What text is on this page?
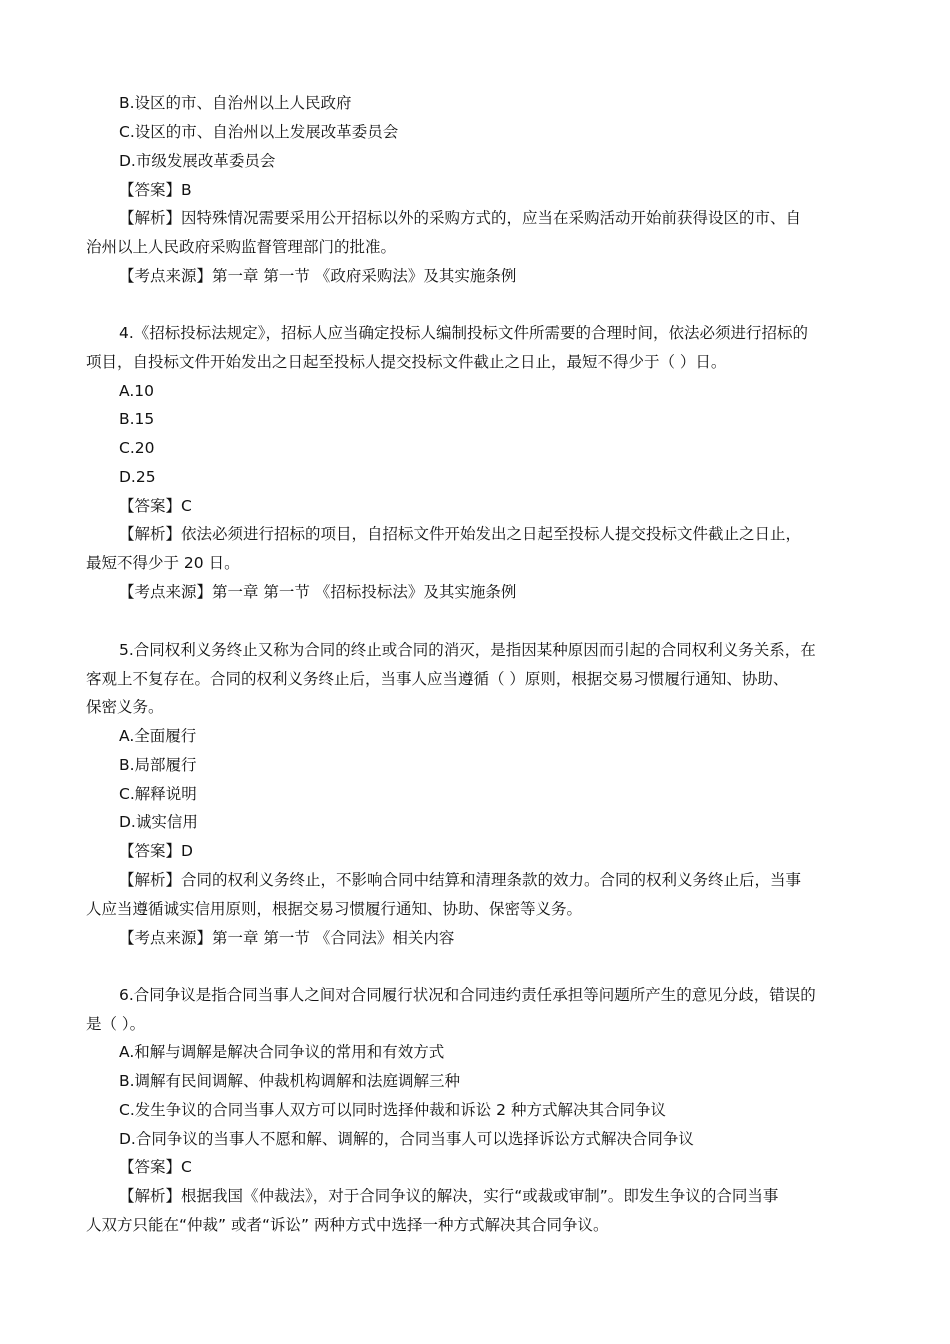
B.设区的市、自治州以上人民政府
C.设区的市、自治州以上发展改革委员会
D.市级发展改革委员会
【答案】B
【解析】因特殊情况需要采用公开招标以外的采购方式的，应当在采购活动开始前获得设区的市、自
治州以上人民政府采购监督管理部门的批准。
【考点来源】第一章 第一节 《政府采购法》及其实施条例
4.《招标投标法规定》，招标人应当确定投标人编制投标文件所需要的合理时间，依法必须进行招标的
项目，自投标文件开始发出之日起至投标人提交投标文件截止之日止，最短不得少于（ ）日。
A.10
B.15
C.20
D.25
【答案】C
【解析】依法必须进行招标的项目，自招标文件开始发出之日起至投标人提交投标文件截止之日止，
最短不得少于 20 日。
【考点来源】第一章 第一节 《招标投标法》及其实施条例
5.合同权利义务终止又称为合同的终止或合同的消灭，是指因某种原因而引起的合同权利义务关系，在
客观上不复存在。合同的权利义务终止后，当事人应当遵循（ ）原则，根据交易习惯履行通知、协助、
保密义务。
A.全面履行
B.局部履行
C.解释说明
D.诚实信用
【答案】D
【解析】合同的权利义务终止，不影响合同中结算和清理条款的效力。合同的权利义务终止后，当事
人应当遵循诚实信用原则，根据交易习惯履行通知、协助、保密等义务。
【考点来源】第一章 第一节 《合同法》相关内容
6.合同争议是指合同当事人之间对合同履行状况和合同违约责任承担等问题所产生的意见分歧，错误的
是（ ）。
A.和解与调解是解决合同争议的常用和有效方式
B.调解有民间调解、仲裁机构调解和法庭调解三种
C.发生争议的合同当事人双方可以同时选择仲裁和诉讼 2 种方式解决其合同争议
D.合同争议的当事人不愿和解、调解的，合同当事人可以选择诉讼方式解决合同争议
【答案】C
【解析】根据我国《仲裁法》，对于合同争议的解决，实行“或裁或审制”。即发生争议的合同当事
人双方只能在“仲裁” 或者“诉讼” 两种方式中选择一种方式解决其合同争议。
